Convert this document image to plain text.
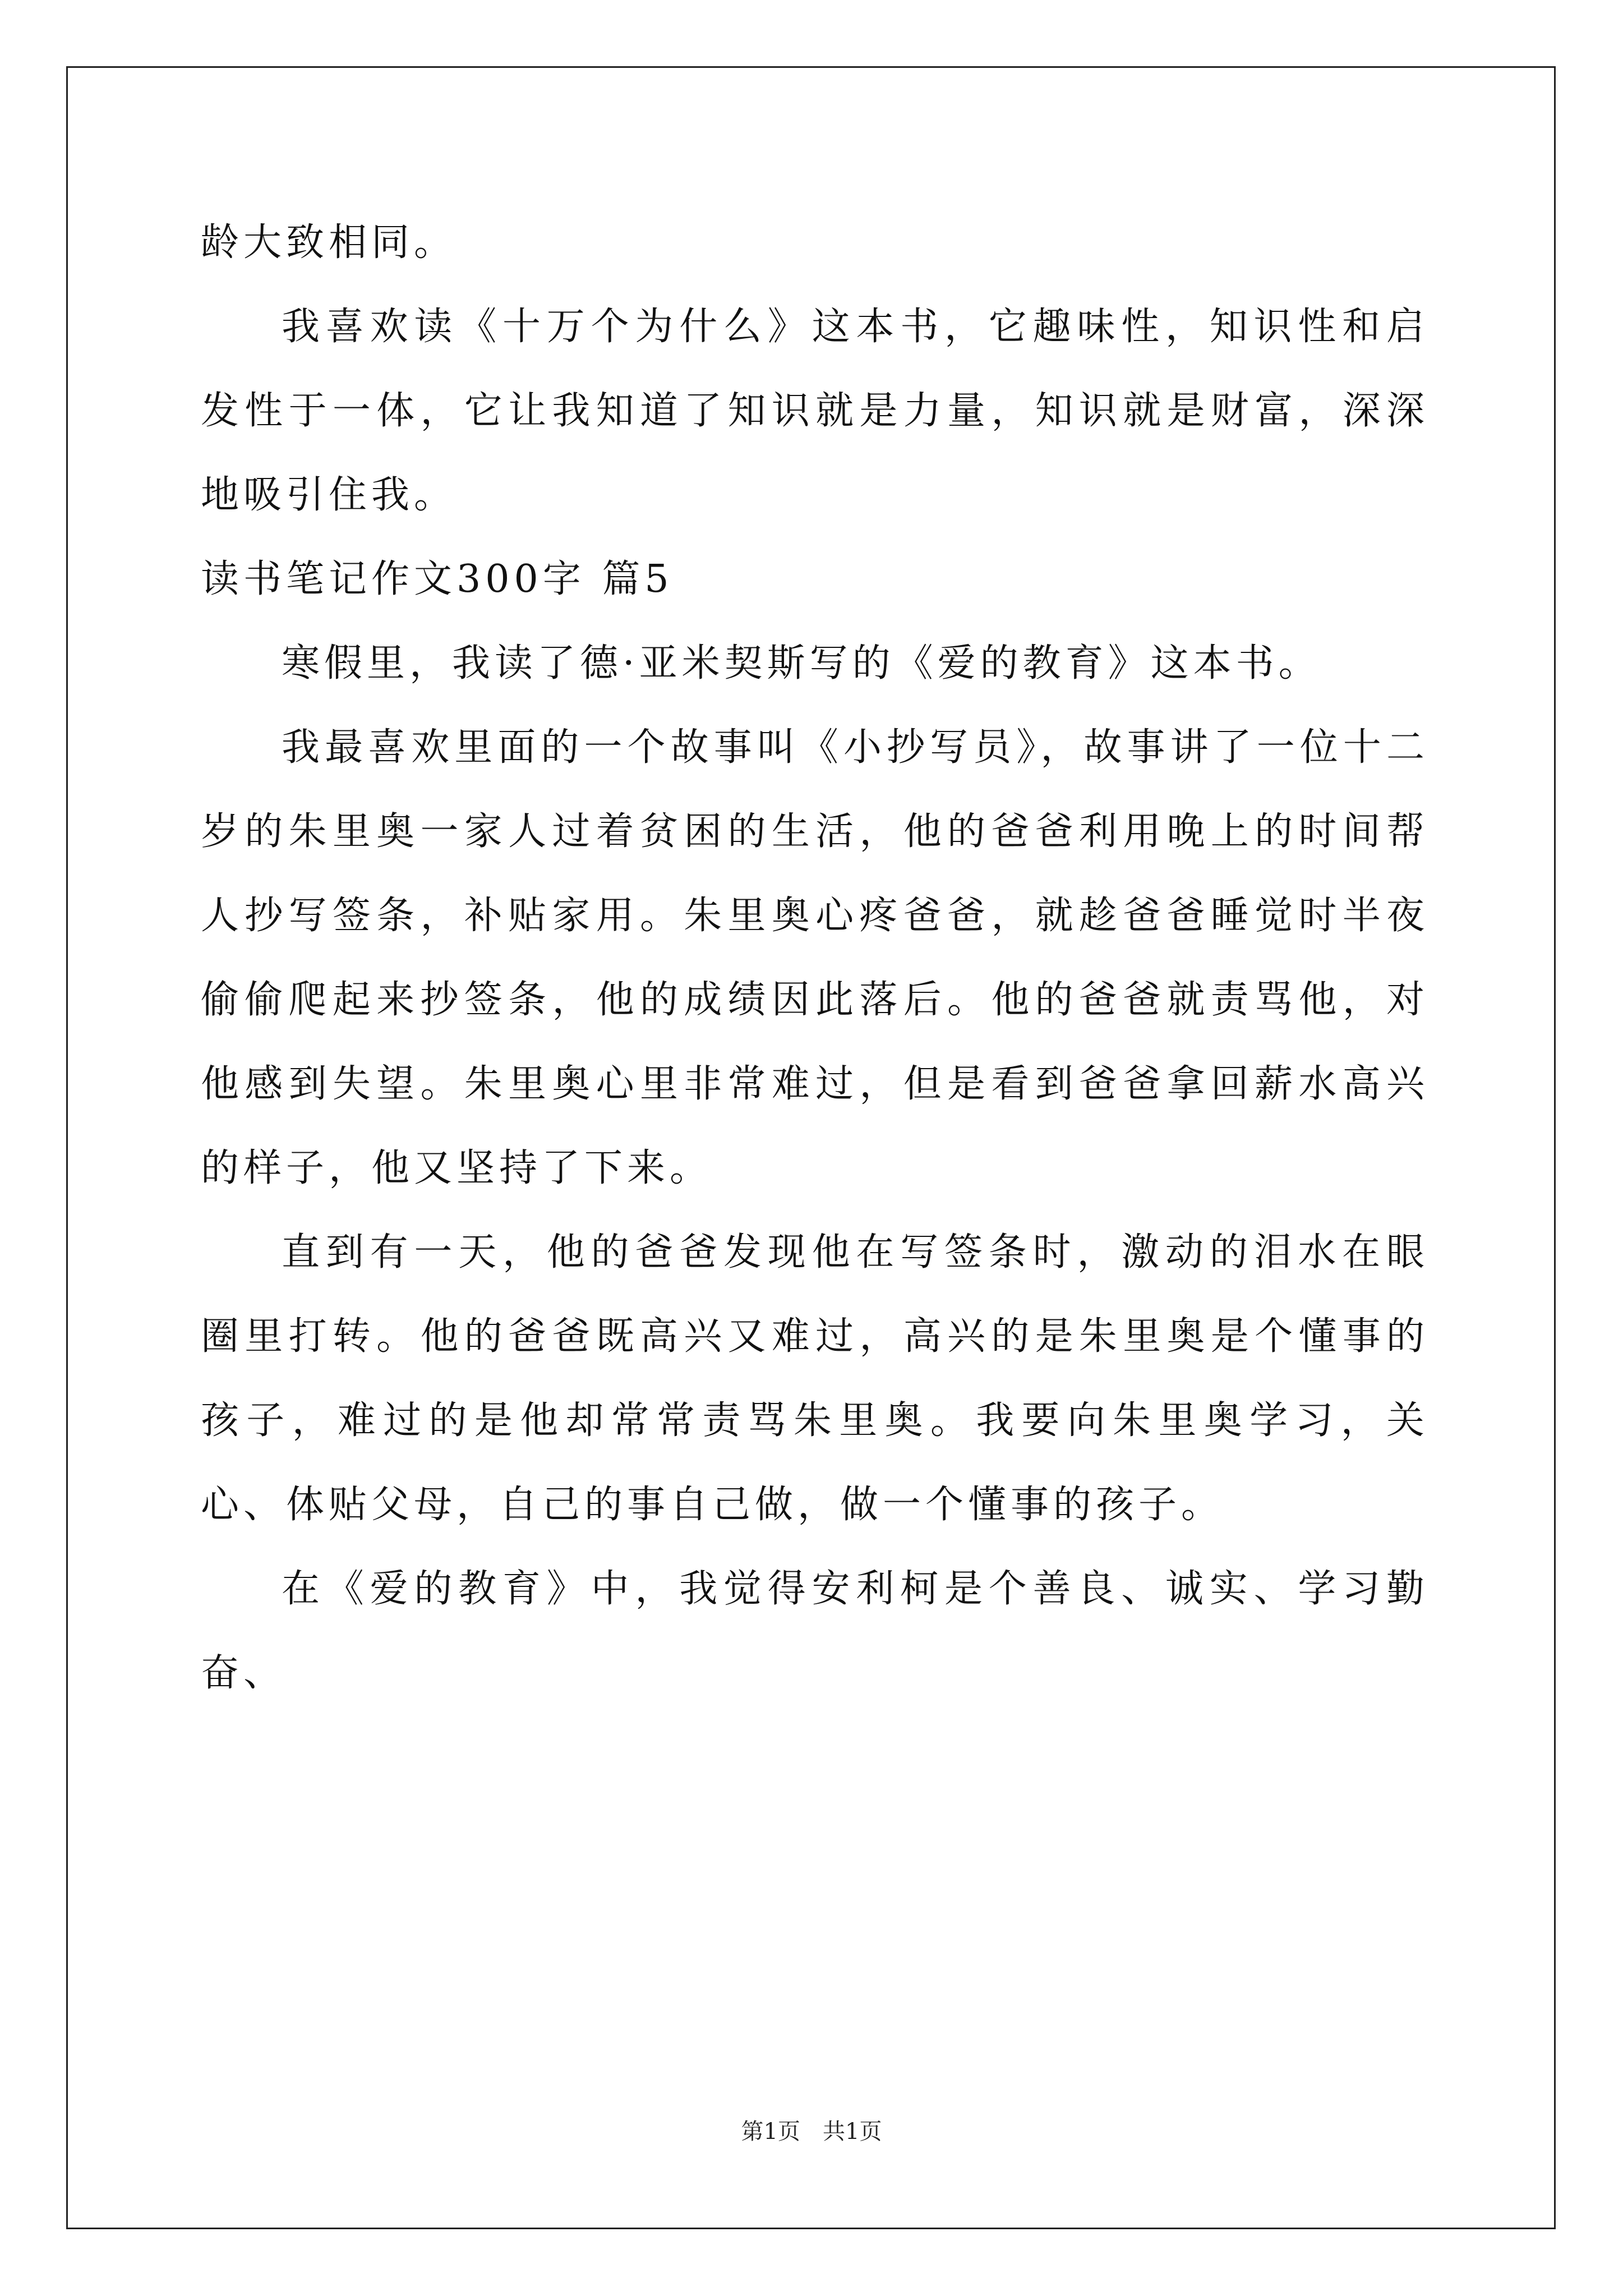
龄大致相同。

我喜欢读《十万个为什么》这本书，它趣味性，知识性和启发性于一体，它让我知道了知识就是力量，知识就是财富，深深地吸引住我。

读书笔记作文300字 篇5

寒假里，我读了德·亚米契斯写的《爱的教育》这本书。

我最喜欢里面的一个故事叫《小抄写员》，故事讲了一位十二岁的朱里奥一家人过着贫困的生活，他的爸爸利用晚上的时间帮人抄写签条，补贴家用。朱里奥心疼爸爸，就趁爸爸睡觉时半夜偷偷爬起来抄签条，他的成绩因此落后。他的爸爸就责骂他，对他感到失望。朱里奥心里非常难过，但是看到爸爸拿回薪水高兴的样子，他又坚持了下来。

直到有一天，他的爸爸发现他在写签条时，激动的泪水在眼圈里打转。他的爸爸既高兴又难过，高兴的是朱里奥是个懂事的孩子，难过的是他却常常责骂朱里奥。我要向朱里奥学习，关心、体贴父母，自己的事自己做，做一个懂事的孩子。

在《爱的教育》中，我觉得安利柯是个善良、诚实、学习勤奋、

第1页 共1页
